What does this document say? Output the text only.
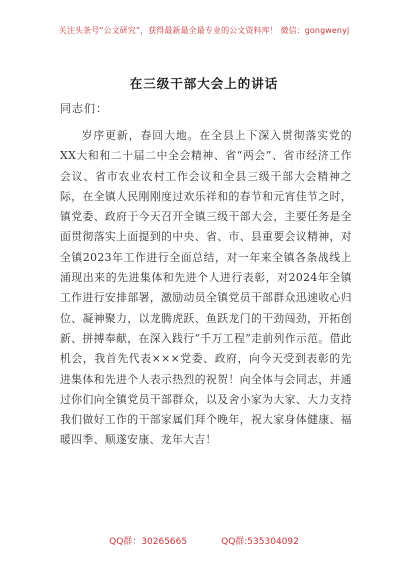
关注头条号“公文研究”，获得最新最全最专业的公文资料库！ 微信：gongwenyj
在三级干部大会上的讲话
同志们：

岁序更新，春回大地。在全县上下深入贯彻落实党的XX大和和二十届二中全会精神、省“两会”、省市经济工作会议、省市农业农村工作会议和全县三级干部大会精神之际，在全镇人民刚刚度过欢乐祥和的春节和元宵佳节之时，镇党委、政府于今天召开全镇三级干部大会，主要任务是全面贯彻落实上面提到的中央、省、市、县重要会议精神，对全镇2023年工作进行全面总结，对一年来全镇各条战线上涌现出来的先进集体和先进个人进行表彰，对2024年全镇工作进行安排部署，激励动员全镇党员干部群众迅速收心归位、凝神聚力，以龙腾虎跃、鱼跃龙门的干劲闯劲，开拓创新、拼搏奉献，在深入践行“千万工程”走前列作示范。借此机会，我首先代表×××党委、政府，向今天受到表彰的先进集体和先进个人表示热烈的祝贺！向全体与会同志，并通过你们向全镇党员干部群众，以及舍小家为大家、大力支持我们做好工作的干部家属们拜个晚年，祝大家身体健康、福暖四季、顺遂安康、龙年大吉！

QQ群：30265665	QQ群:535304092
